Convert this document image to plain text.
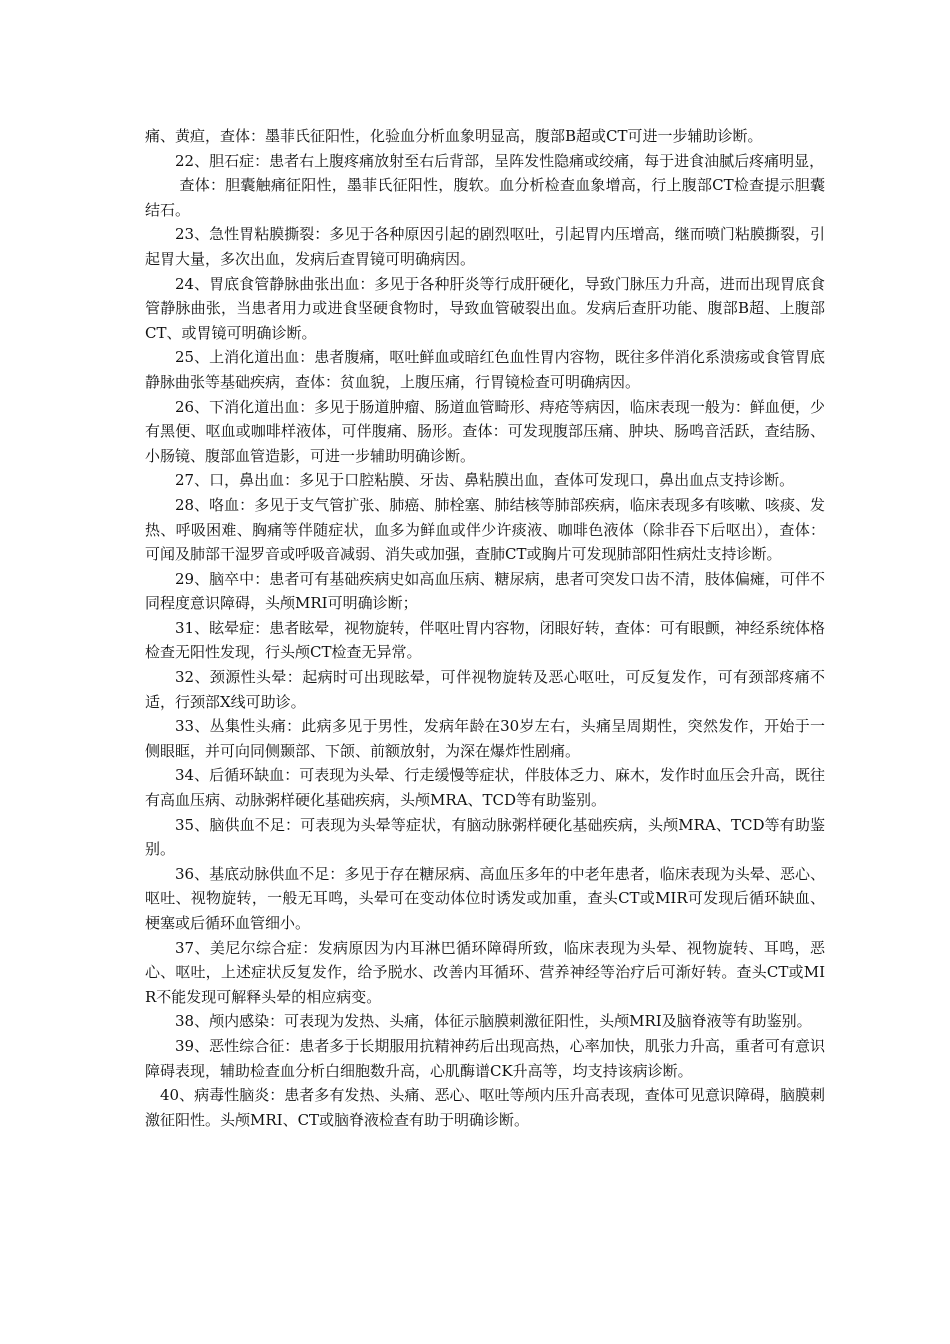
痛、黄疸，查体：墨菲氏征阳性，化验血分析血象明显高，腹部B超或CT可进一步辅助诊断。

22、胆石症：患者右上腹疼痛放射至右后背部，呈阵发性隐痛或绞痛，每于进食油腻后疼痛明显，

查体：胆囊触痛征阳性，墨菲氏征阳性，腹软。血分析检查血象增高，行上腹部CT检查提示胆囊结石。

23、急性胃粘膜撕裂：多见于各种原因引起的剧烈呕吐，引起胃内压增高，继而喷门粘膜撕裂，引起胃大量，多次出血，发病后查胃镜可明确病因。

24、胃底食管静脉曲张出血：多见于各种肝炎等行成肝硬化，导致门脉压力升高，进而出现胃底食管静脉曲张，当患者用力或进食坚硬食物时，导致血管破裂出血。发病后查肝功能、腹部B超、上腹部CT、或胃镜可明确诊断。

25、上消化道出血：患者腹痛，呕吐鲜血或暗红色血性胃内容物，既往多伴消化系溃疡或食管胃底静脉曲张等基础疾病，查体：贫血貌，上腹压痛，行胃镜检查可明确病因。

26、下消化道出血：多见于肠道肿瘤、肠道血管畸形、痔疮等病因，临床表现一般为：鲜血便，少有黑便、呕血或咖啡样液体，可伴腹痛、肠形。查体：可发现腹部压痛、肿块、肠鸣音活跃，查结肠、小肠镜、腹部血管造影，可进一步辅助明确诊断。

27、口，鼻出血：多见于口腔粘膜、牙齿、鼻粘膜出血，查体可发现口，鼻出血点支持诊断。

28、咯血：多见于支气管扩张、肺癌、肺栓塞、肺结核等肺部疾病，临床表现多有咳嗽、咳痰、发热、呼吸困难、胸痛等伴随症状，血多为鲜血或伴少许痰液、咖啡色液体（除非吞下后呕出），查体：可闻及肺部干湿罗音或呼吸音减弱、消失或加强，查肺CT或胸片可发现肺部阳性病灶支持诊断。

29、脑卒中：患者可有基础疾病史如高血压病、糖尿病，患者可突发口齿不清，肢体偏瘫，可伴不同程度意识障碍，头颅MRI可明确诊断；

31、眩晕症：患者眩晕，视物旋转，伴呕吐胃内容物，闭眼好转，查体：可有眼颤，神经系统体格检查无阳性发现，行头颅CT检查无异常。

32、颈源性头晕：起病时可出现眩晕，可伴视物旋转及恶心呕吐，可反复发作，可有颈部疼痛不适，行颈部X线可助诊。

33、丛集性头痛：此病多见于男性，发病年龄在30岁左右，头痛呈周期性，突然发作，开始于一侧眼眶，并可向同侧颞部、下颌、前额放射，为深在爆炸性剧痛。

34、后循环缺血：可表现为头晕、行走缓慢等症状，伴肢体乏力、麻木，发作时血压会升高，既往有高血压病、动脉粥样硬化基础疾病，头颅MRA、TCD等有助鉴别。

35、脑供血不足：可表现为头晕等症状，有脑动脉粥样硬化基础疾病，头颅MRA、TCD等有助鉴别。

36、基底动脉供血不足：多见于存在糖尿病、高血压多年的中老年患者，临床表现为头晕、恶心、呕吐、视物旋转，一般无耳鸣，头晕可在变动体位时诱发或加重，查头CT或MIR可发现后循环缺血、梗塞或后循环血管细小。

37、美尼尔综合症：发病原因为内耳淋巴循环障碍所致，临床表现为头晕、视物旋转、耳鸣，恶心、呕吐，上述症状反复发作，给予脱水、改善内耳循环、营养神经等治疗后可渐好转。查头CT或MIR不能发现可解释头晕的相应病变。

38、颅内感染：可表现为发热、头痛，体征示脑膜刺激征阳性，头颅MRI及脑脊液等有助鉴别。

39、恶性综合征：患者多于长期服用抗精神药后出现高热，心率加快，肌张力升高，重者可有意识障碍表现，辅助检查血分析白细胞数升高，心肌酶谱CK升高等，均支持该病诊断。

40、病毒性脑炎：患者多有发热、头痛、恶心、呕吐等颅内压升高表现，查体可见意识障碍，脑膜刺激征阳性。头颅MRI、CT或脑脊液检查有助于明确诊断。
